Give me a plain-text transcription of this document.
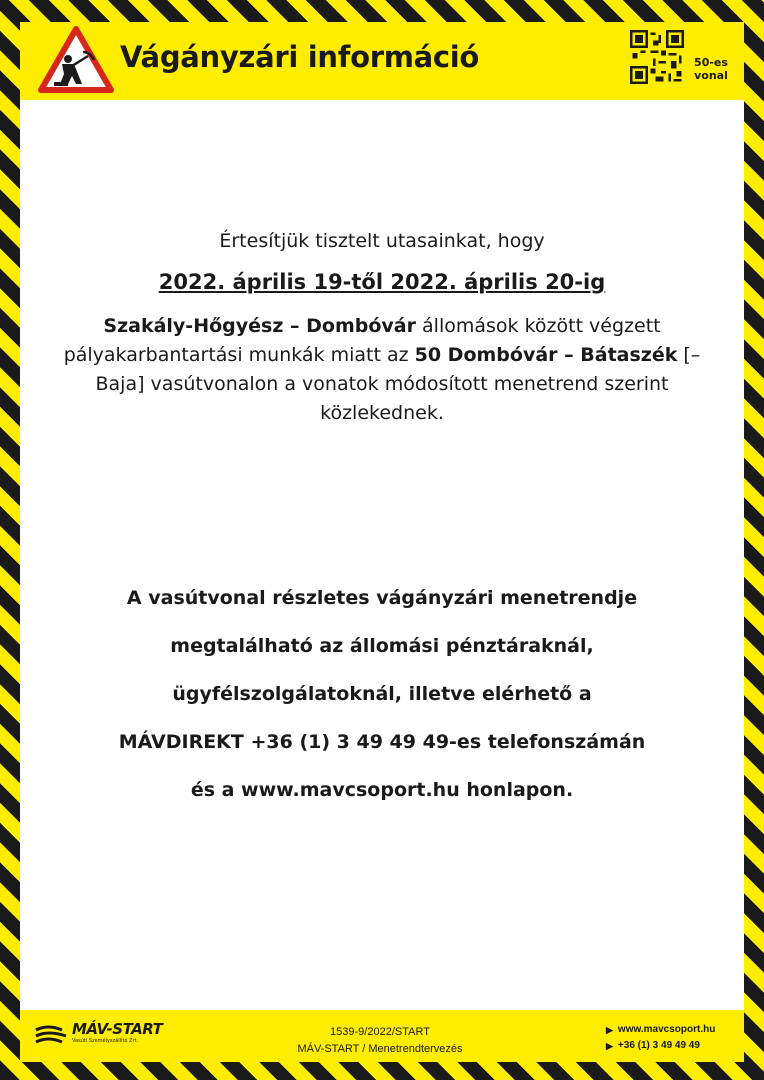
Vágányzári információ	50-es vonal
Értesítjük tisztelt utasainkat, hogy
2022. április 19-től 2022. április 20-ig
Szakály-Hőgyész – Dombóvár állomások között végzett pályakarbantartási munkák miatt az 50 Dombóvár – Bátaszék [–Baja] vasútvonalon a vonatok módosított menetrend szerint közlekednek.
A vasútvonal részletes vágányzári menetrendje
megtalálható az állomási pénztáraknál,
ügyfélszolgálatoknál, illetve elérhető a
MÁVDIREKT +36 (1) 3 49 49 49-es telefonszámán
és a www.mavcsoport.hu honlapon.
MÁV-START
Vasúti Személyszállító Zrt.
1539-9/2022/START
MÁV-START / Menetrendtervezés
▶ www.mavcsoport.hu
▶ +36 (1) 3 49 49 49
